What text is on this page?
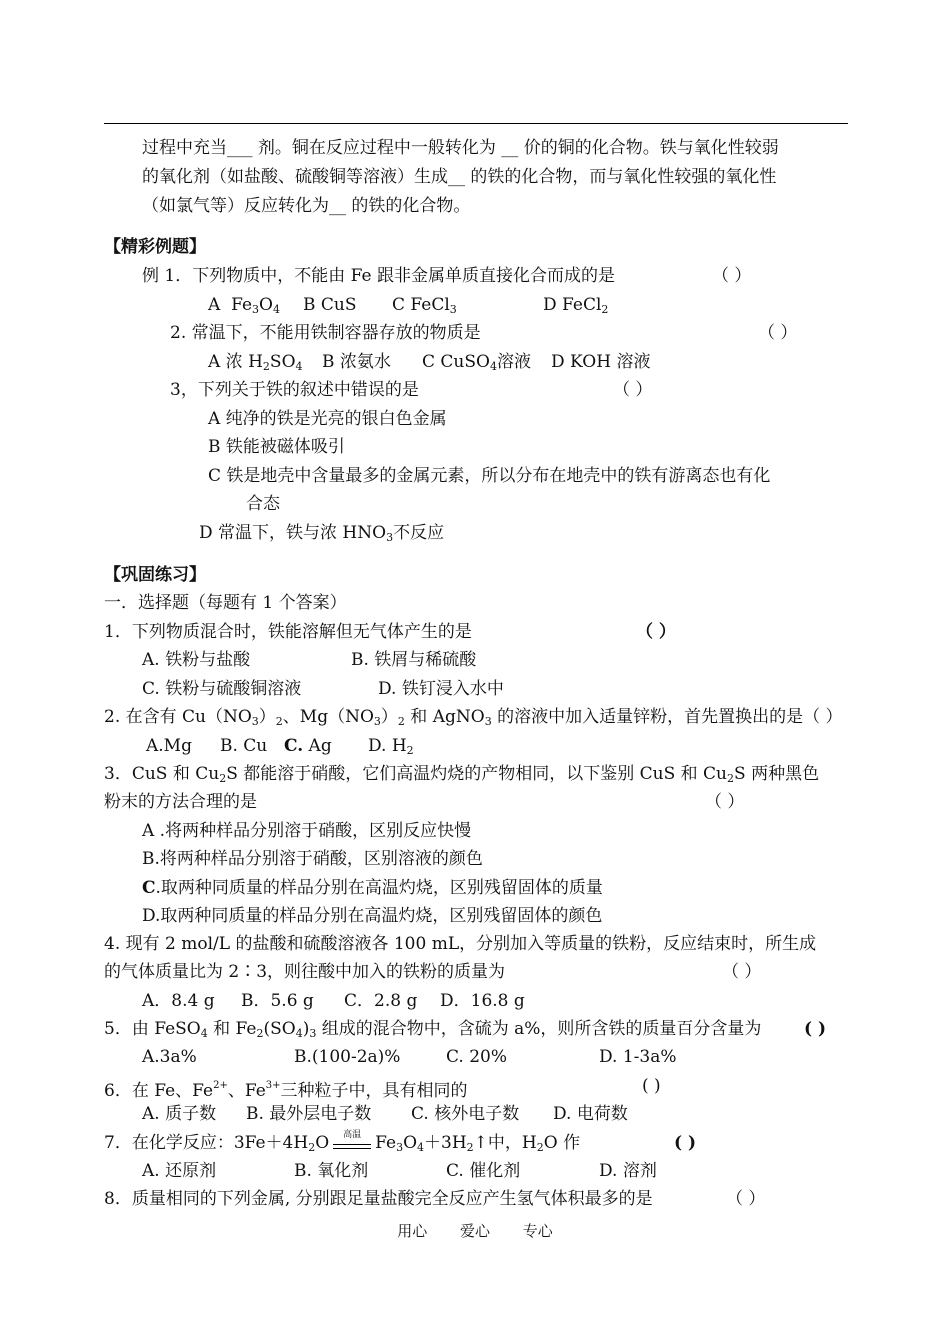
过程中充当___ 剂。铜在反应过程中一般转化为 __ 价的铜的化合物。铁与氧化性较弱
的氧化剂（如盐酸、硫酸铜等溶液）生成__ 的铁的化合物，而与氧化性较强的氧化性
（如氯气等）反应转化为__ 的铁的化合物。
【精彩例题】
例 1．下列物质中，不能由 Fe 跟非金属单质直接化合而成的是	（ ）
A $Fe_3O_4$ B CuS C FeCl$_3$	D FeCl$_2$
2. 常温下，不能用铁制容器存放的物质是	（ ）
A 浓 $H_2SO_4$ B 浓氨水 C CuSO$_4$溶液 D KOH 溶液
3，下列关于铁的叙述中错误的是	（ ）
A 纯净的铁是光亮的银白色金属
B 铁能被磁体吸引
C 铁是地壳中含量最多的金属元素，所以分布在地壳中的铁有游离态也有化
合态
D 常温下，铁与浓 $HNO_3$不反应
【巩固练习】
一．选择题（每题有 1 个答案）
1．下列物质混合时，铁能溶解但无气体产生的是	（ ）
A. 铁粉与盐酸	B. 铁屑与稀硫酸
C. 铁粉与硫酸铜溶液	D. 铁钉浸入水中
2. 在含有 $Cu(NO_3)_2$、$Mg(NO_3)_2$ 和 AgNO$_3$ 的溶液中加入适量锌粉，首先置换出的是（ ）
A.Mg B. Cu C. Ag D. $H_2$
3．CuS 和 $Cu_2S$ 都能溶于硝酸，它们高温灼烧的产物相同，以下鉴别 CuS 和 $Cu_2S$ 两种黑色
粉末的方法合理的是	（ ）
A .将两种样品分别溶于硝酸，区别反应快慢
B.将两种样品分别溶于硝酸，区别溶液的颜色
C.取两种同质量的样品分别在高温灼烧，区别残留固体的质量
D.取两种同质量的样品分别在高温灼烧，区别残留固体的颜色
4. 现有 2 mol/L 的盐酸和硫酸溶液各 100 mL，分别加入等质量的铁粉，反应结束时，所生成
的气体质量比为 2∶3，则往酸中加入的铁粉的质量为	（ ）
A．8.4 g B．5.6 g C．2.8 g D．16.8 g
5．由 FeSO$_4$ 和 $Fe_2(SO_4)_3$ 组成的混合物中，含硫为 a%，则所含铁的质量百分含量为	( )
A.3a%	B.(100-2a)%	C. 20%	D. 1-3a%
6．在 Fe、$Fe^{2+}$、$Fe^{3+}$三种粒子中，具有相同的	( )
A. 质子数 B. 最外层电子数 C. 核外电子数 D. 电荷数
7．在化学反应：$3Fe+4H_2O$	高温 $Fe_3O_4+3H_2↑$中，$H_2O$ 作	( )
A. 还原剂	B. 氧化剂	C. 催化剂	D. 溶剂
8．质量相同的下列金属, 分别跟足量盐酸完全反应产生氢气体积最多的是	（ ）
用心 爱心 专心
